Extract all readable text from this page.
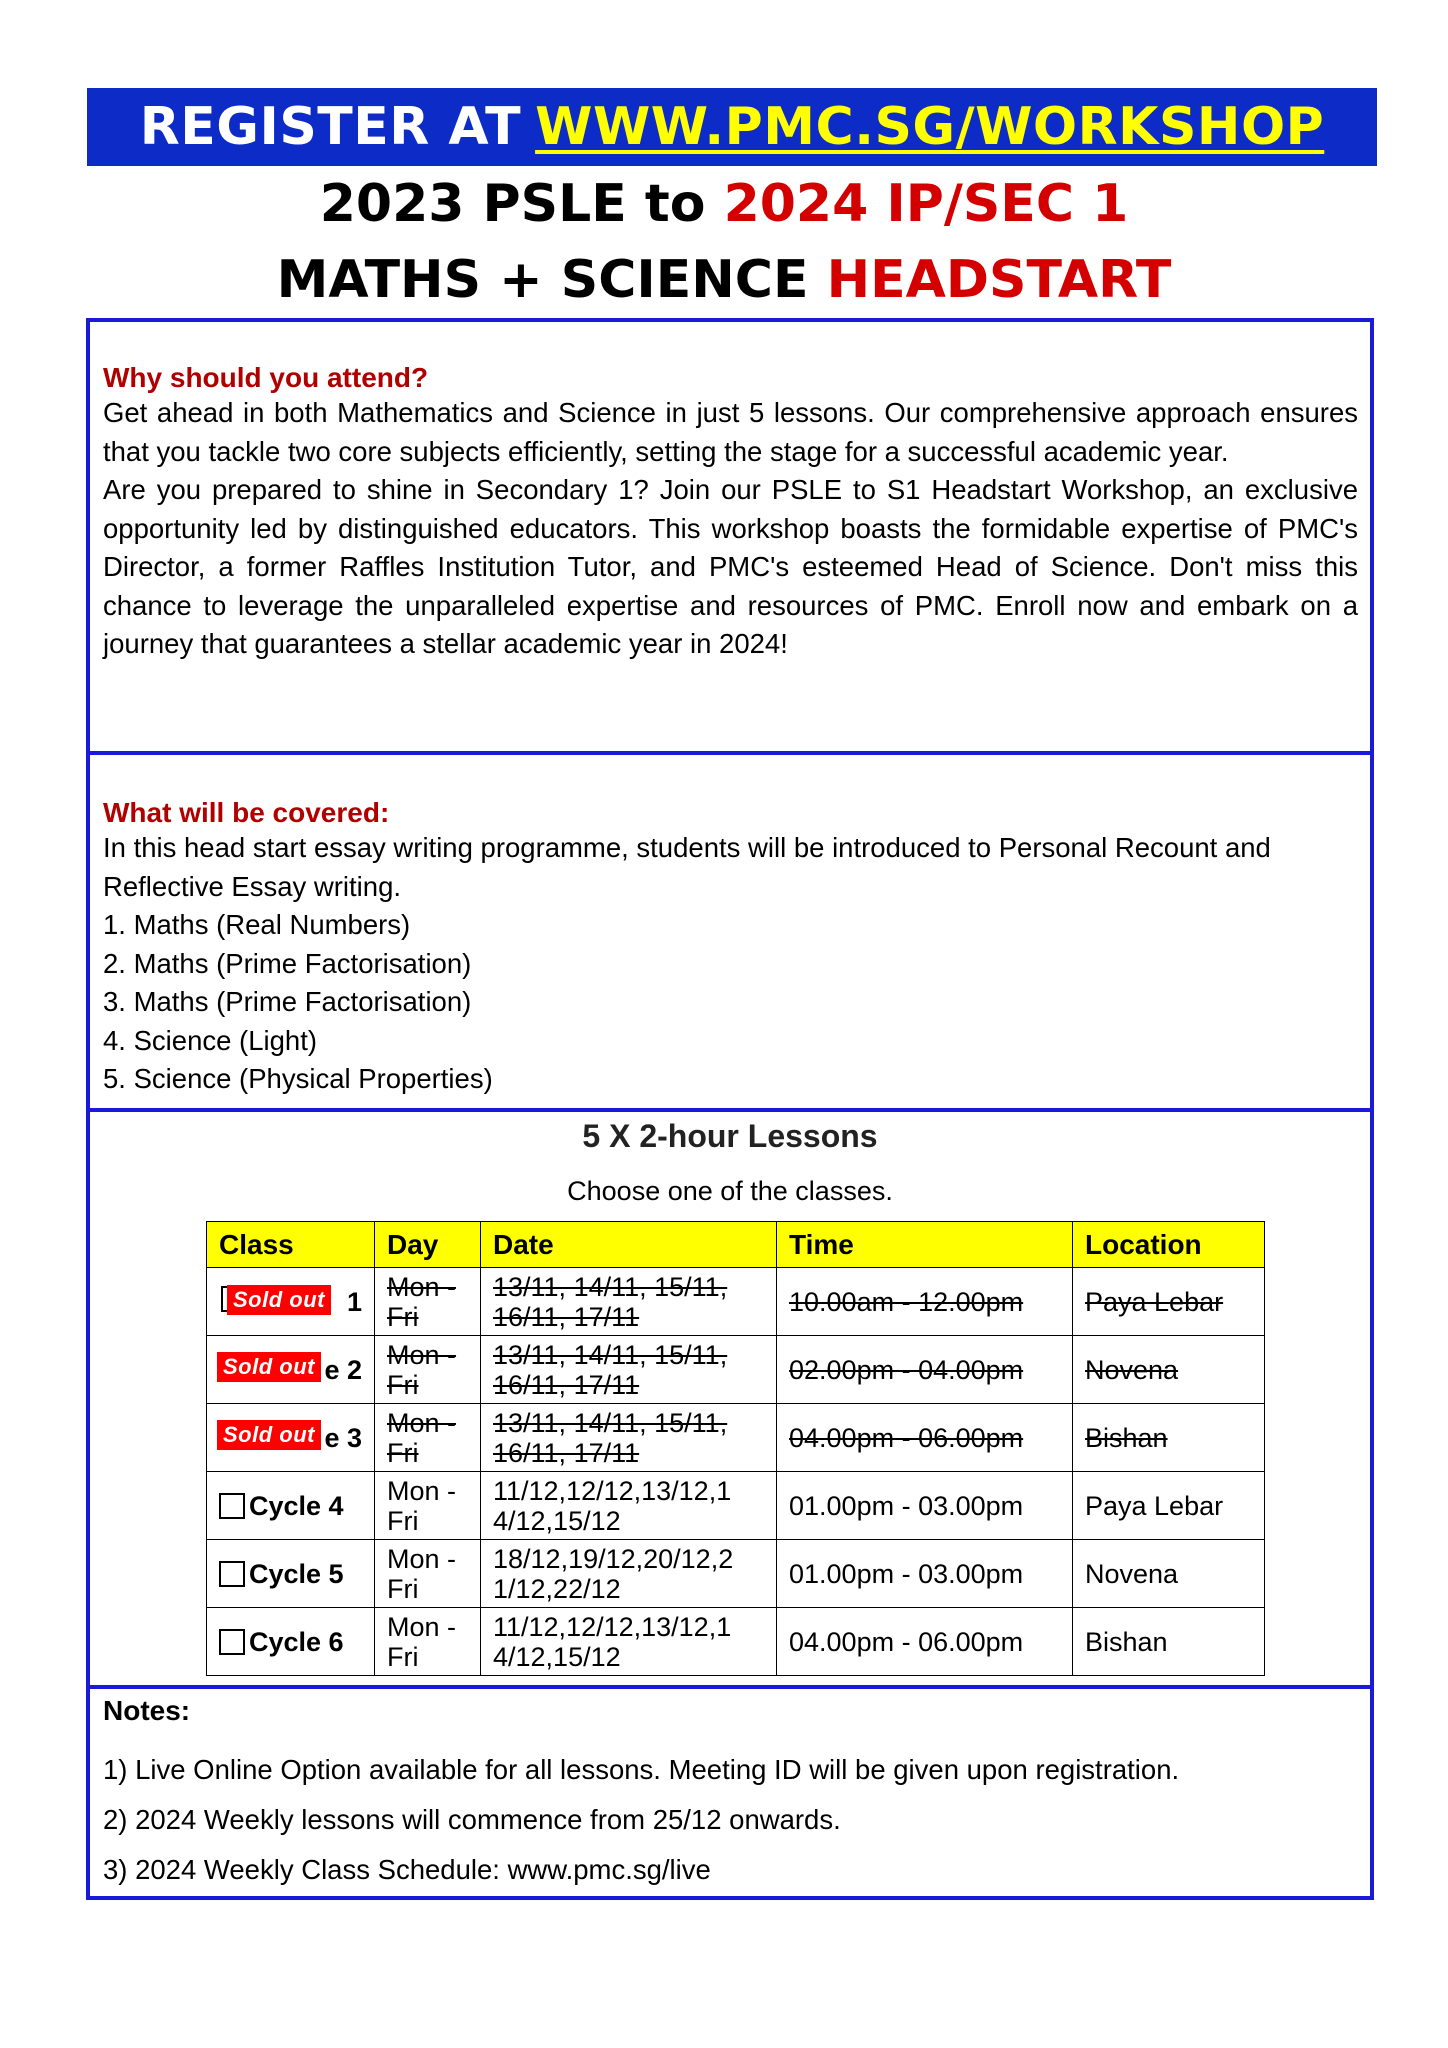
REGISTER AT WWW.PMC.SG/WORKSHOP
2023 PSLE to 2024 IP/SEC 1
MATHS + SCIENCE HEADSTART
Why should you attend?
Get ahead in both Mathematics and Science in just 5 lessons. Our comprehensive approach ensures that you tackle two core subjects efficiently, setting the stage for a successful academic year.
Are you prepared to shine in Secondary 1? Join our PSLE to S1 Headstart Workshop, an exclusive opportunity led by distinguished educators. This workshop boasts the formidable expertise of PMC's Director, a former Raffles Institution Tutor, and PMC's esteemed Head of Science. Don't miss this chance to leverage the unparalleled expertise and resources of PMC. Enroll now and embark on a journey that guarantees a stellar academic year in 2024!
What will be covered:
In this head start essay writing programme, students will be introduced to Personal Recount and Reflective Essay writing.
1. Maths (Real Numbers)
2. Maths (Prime Factorisation)
3. Maths (Prime Factorisation)
4. Science (Light)
5. Science (Physical Properties)
5 X 2-hour Lessons
Choose one of the classes.
Class	Day	Date	Time	Location

Sold out 1	Mon -
Fri	13/11, 14/11, 15/11,
16/11, 17/11	10.00am - 12.00pm	Paya Lebar

Sold out e 2	Mon -
Fri	13/11, 14/11, 15/11,
16/11, 17/11	02.00pm - 04.00pm	Novena

Sold out e 3	Mon -
Fri	13/11, 14/11, 15/11,
16/11, 17/11	04.00pm - 06.00pm	Bishan
Cycle 4	Mon -
Fri	11/12,12/12,13/12,1
4/12,15/12	01.00pm - 03.00pm	Paya Lebar
Cycle 5	Mon -
Fri	18/12,19/12,20/12,2
1/12,22/12	01.00pm - 03.00pm	Novena
Cycle 6	Mon -
Fri	11/12,12/12,13/12,1
4/12,15/12	04.00pm - 06.00pm	Bishan
Notes:
1) Live Online Option available for all lessons. Meeting ID will be given upon registration.
2) 2024 Weekly lessons will commence from 25/12 onwards.
3) 2024 Weekly Class Schedule: www.pmc.sg/live
